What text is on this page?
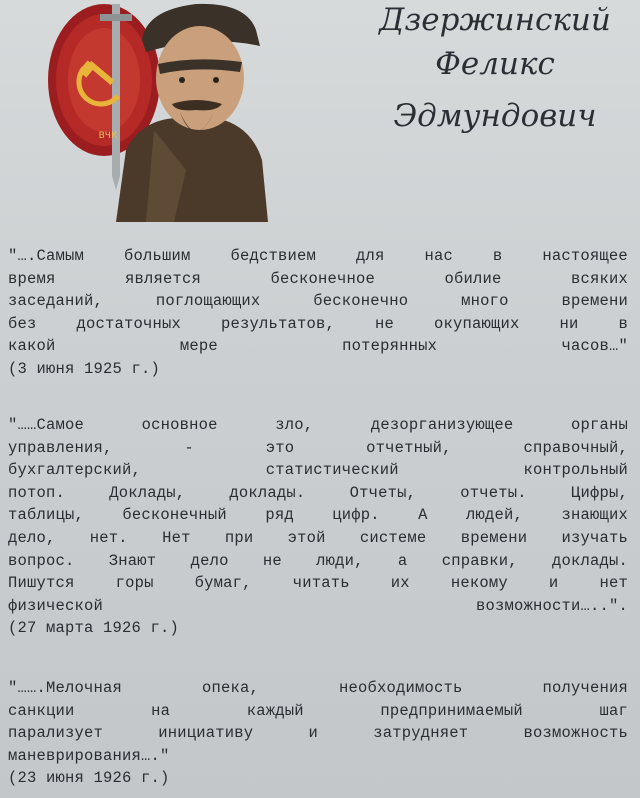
ВЧК
Дзержинский
Феликс
Эдмундович
"….Самым	большим	бедствием	для	нас	в	настоящее
время	является	бесконечное	обилие	всяких
заседаний,	поглощающих	бесконечно	много	времени
без	достаточных	результатов,	не	окупающих	ни	в
какой	мере	потерянных	часов…"
(3 июня 1925 г.)
"……Самое	основное	зло,	дезорганизующее	органы
управления,	-	это	отчетный,	справочный,
бухгалтерский,	статистический	контрольный
потоп.	Доклады,	доклады.	Отчеты,	отчеты.	Цифры,
таблицы, бесконечный ряд цифр. А людей, знающих
дело, нет. Нет при этой системе времени изучать
вопрос. Знают дело не люди, а справки, доклады.
Пишутся	горы	бумаг,	читать	их	некому	и	нет
физической	возможности…..".
(27 марта 1926 г.)
"…….Мелочная	опека,	необходимость	получения
санкции	на	каждый	предпринимаемый	шаг
парализует	инициативу	и	затрудняет	возможность
маневрирования…."
(23 июня 1926 г.)
